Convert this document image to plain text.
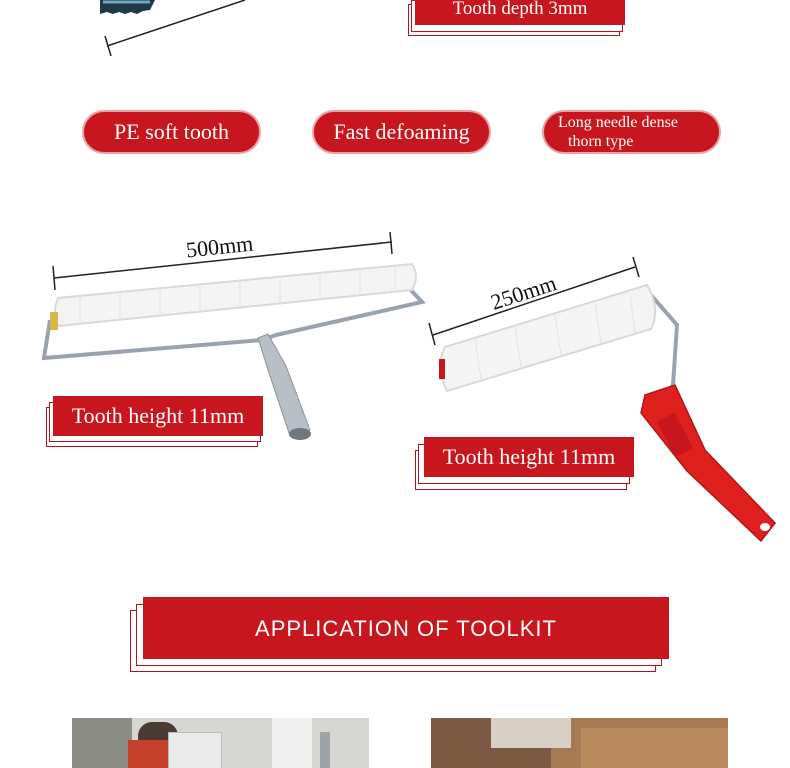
Tooth depth 3mm
PE soft tooth	Fast defoaming	Long needle dense
thorn type
500mm
Tooth height 11mm
250mm
Tooth height 11mm
APPLICATION OF TOOLKIT
